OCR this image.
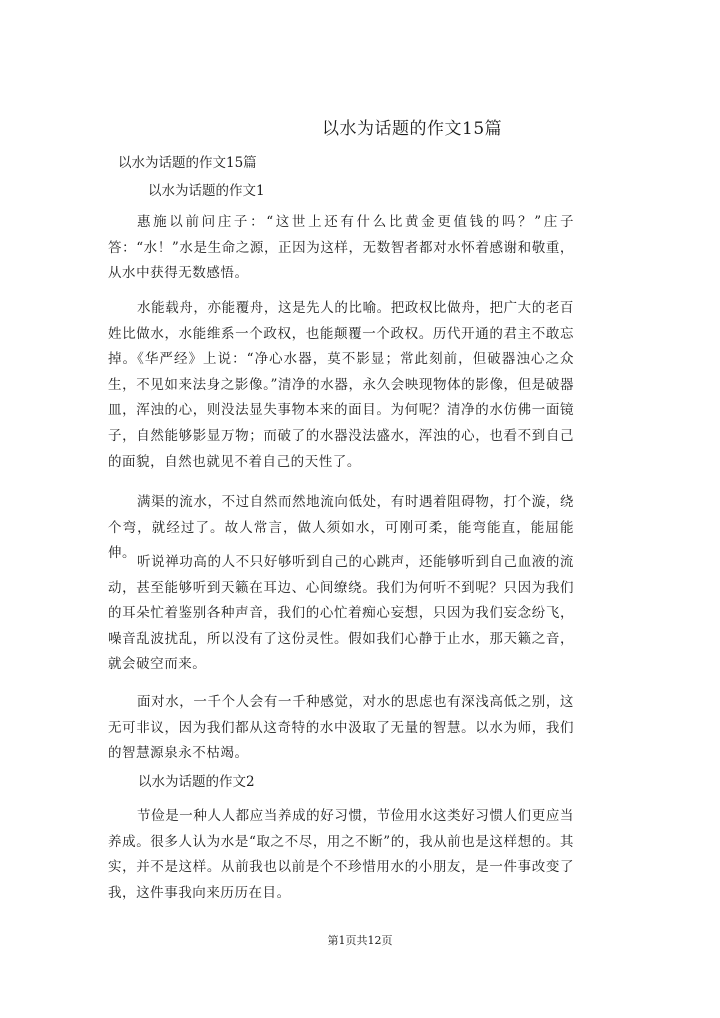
以水为话题的作文15篇
以水为话题的作文15篇
以水为话题的作文1

惠施以前问庄子：“这世上还有什么比黄金更值钱的吗？”庄子答：“水！”水是生命之源，正因为这样，无数智者都对水怀着感谢和敬重，从水中获得无数感悟。

水能载舟，亦能覆舟，这是先人的比喻。把政权比做舟，把广大的老百姓比做水，水能维系一个政权，也能颠覆一个政权。历代开通的君主不敢忘掉。《华严经》上说：“净心水器，莫不影显；常此刻前，但破器浊心之众生，不见如来法身之影像。”清净的水器，永久会映现物体的影像，但是破器皿，浑浊的心，则没法显失事物本来的面目。为何呢？清净的水仿佛一面镜子，自然能够影显万物；而破了的水器没法盛水，浑浊的心，也看不到自己的面貌，自然也就见不着自己的天性了。

满渠的流水，不过自然而然地流向低处，有时遇着阻碍物，打个漩，绕个弯，就经过了。故人常言，做人须如水，可刚可柔，能弯能直，能屈能伸。

听说禅功高的人不只好够听到自己的心跳声，还能够听到自己血液的流动，甚至能够听到天籁在耳边、心间缭绕。我们为何听不到呢？只因为我们的耳朵忙着鉴别各种声音，我们的心忙着痴心妄想，只因为我们妄念纷飞，噪音乱波扰乱，所以没有了这份灵性。假如我们心静于止水，那天籁之音，就会破空而来。

面对水，一千个人会有一千种感觉，对水的思虑也有深浅高低之别，这无可非议，因为我们都从这奇特的水中汲取了无量的智慧。以水为师，我们的智慧源泉永不枯竭。

以水为话题的作文2

节俭是一种人人都应当养成的好习惯，节俭用水这类好习惯人们更应当养成。很多人认为水是“取之不尽，用之不断”的，我从前也是这样想的。其实，并不是这样。从前我也以前是个不珍惜用水的小朋友，是一件事改变了我，这件事我向来历历在目。

第1页共12页
